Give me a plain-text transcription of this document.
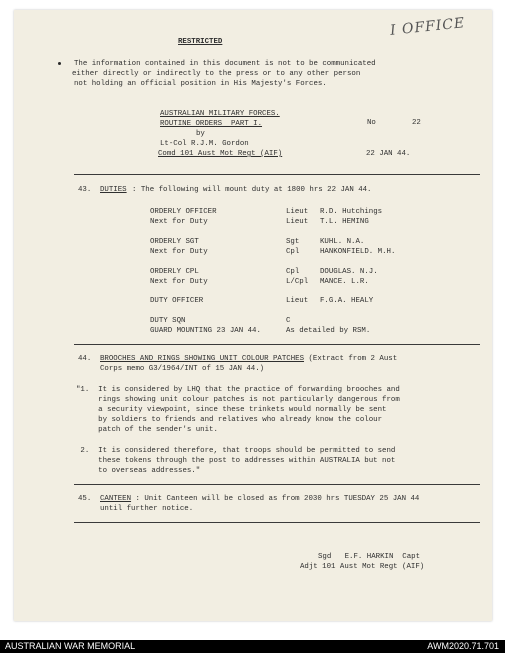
I OFFICE
RESTRICTED
The information contained in this document is not to be communicated
either directly or indirectly to the press or to any other person
not holding an official position in His Majesty's Forces.
AUSTRALIAN MILITARY FORCES.
ROUTINE ORDERS  PART I.
by
Lt-Col R.J.M. Gordon
Comd 101 Aust Mot Regt (AIF)
No	22
22 JAN 44.
43. DUTIES : The following will mount duty at 1800 hrs 22 JAN 44.
ORDERLY OFFICER	Lieut R.D. Hutchings
Next for Duty	Lieut T.L. HEMING
ORDERLY SGT	Sgt	KUHL. N.A.
Next for Duty	Cpl	HANKONFIELD. M.H.
ORDERLY CPL	Cpl	DOUGLAS. N.J.
Next for Duty	L/Cpl MANCE. L.R.
DUTY OFFICER	Lieut F.G.A. HEALY
DUTY SQN	C
GUARD MOUNTING 23 JAN 44.	As detailed by RSM.
44. BROOCHES AND RINGS SHOWING UNIT COLOUR PATCHES (Extract from 2 Aust
Corps memo G3/1964/INT of 15 JAN 44.)
"1.  It is considered by LHQ that the practice of forwarding brooches and
rings showing unit colour patches is not particularly dangerous from
a security viewpoint, since these trinkets would normally be sent
by soldiers to friends and relatives who already know the colour
patch of the sender's unit.
2.  It is considered therefore, that troops should be permitted to send
these tokens through the post to addresses within AUSTRALIA but not
to overseas addresses."
45. CANTEEN : Unit Canteen will be closed as from 2030 hrs TUESDAY 25 JAN 44
until further notice.
Sgd   E.F. HARKIN  Capt
Adjt 101 Aust Mot Regt (AIF)
AUSTRALIAN WAR MEMORIAL	AWM2020.71.701
